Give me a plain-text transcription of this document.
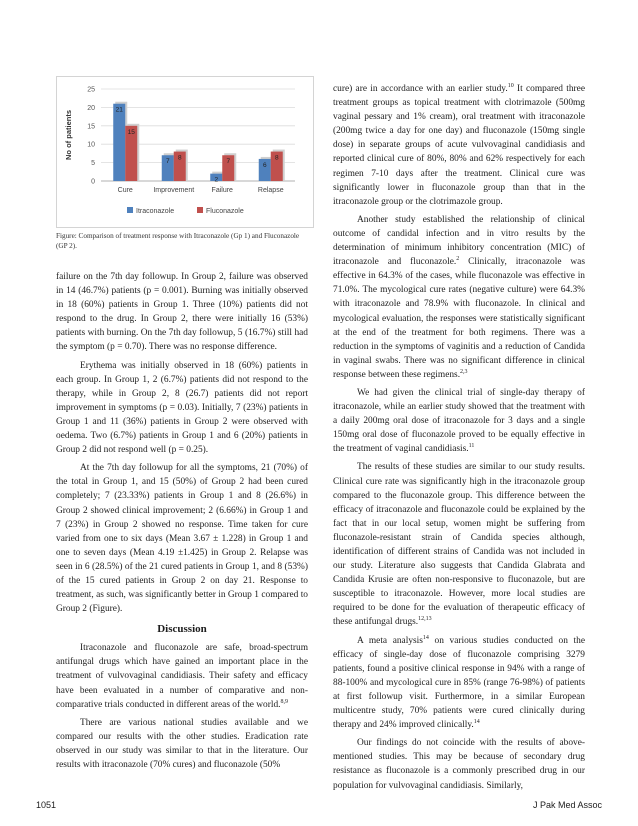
0
5
10
15
20
25
No of patients	21
15
Cure
7
8
Improvement
2
7
Failure
6
8
Relapse
Itraconazole	Fluconazole
Figure: Comparison of treatment response with Itraconazole (Gp 1) and Fluconazole (GP 2).

failure on the 7th day followup. In Group 2, failure was observed in 14 (46.7%) patients (p = 0.001). Burning was initially observed in 18 (60%) patients in Group 1. Three (10%) patients did not respond to the drug. In Group 2, there were initially 16 (53%) patients with burning. On the 7th day followup, 5 (16.7%) still had the symptom (p = 0.70). There was no response difference.

Erythema was initially observed in 18 (60%) patients in each group. In Group 1, 2 (6.7%) patients did not respond to the therapy, while in Group 2, 8 (26.7) patients did not report improvement in symptoms (p = 0.03). Initially, 7 (23%) patients in Group 1 and 11 (36%) patients in Group 2 were observed with oedema. Two (6.7%) patients in Group 1 and 6 (20%) patients in Group 2 did not respond well (p = 0.25).

At the 7th day followup for all the symptoms, 21 (70%) of the total in Group 1, and 15 (50%) of Group 2 had been cured completely; 7 (23.33%) patients in Group 1 and 8 (26.6%) in Group 2 showed clinical improvement; 2 (6.66%) in Group 1 and 7 (23%) in Group 2 showed no response. Time taken for cure varied from one to six days (Mean 3.67 ± 1.228) in Group 1 and one to seven days (Mean 4.19 ±1.425) in Group 2. Relapse was seen in 6 (28.5%) of the 21 cured patients in Group 1, and 8 (53%) of the 15 cured patients in Group 2 on day 21. Response to treatment, as such, was significantly better in Group 1 compared to Group 2 (Figure).

Discussion

Itraconazole and fluconazole are safe, broad-spectrum antifungal drugs which have gained an important place in the treatment of vulvovaginal candidiasis. Their safety and efficacy have been evaluated in a number of comparative and non-comparative trials conducted in different areas of the world.$^{8,9}$

There are various national studies available and we compared our results with the other studies. Eradication rate observed in our study was similar to that in the literature. Our results with itraconazole (70% cures) and fluconazole (50%

cure) are in accordance with an earlier study.$^{10}$ It compared three treatment groups as topical treatment with clotrimazole (500mg vaginal pessary and 1% cream), oral treatment with itraconazole (200mg twice a day for one day) and fluconazole (150mg single dose) in separate groups of acute vulvovaginal candidiasis and reported clinical cure of 80%, 80% and 62% respectively for each regimen 7-10 days after the treatment. Clinical cure was significantly lower in fluconazole group than that in the itraconazole group or the clotrimazole group.

Another study established the relationship of clinical outcome of candidal infection and in vitro results by the determination of minimum inhibitory concentration (MIC) of itraconazole and fluconazole.$^2$ Clinically, itraconazole was effective in 64.3% of the cases, while fluconazole was effective in 71.0%. The mycological cure rates (negative culture) were 64.3% with itraconazole and 78.9% with fluconazole. In clinical and mycological evaluation, the responses were statistically significant at the end of the treatment for both regimens. There was a reduction in the symptoms of vaginitis and a reduction of Candida in vaginal swabs. There was no significant difference in clinical response between these regimens.$^{2,3}$

We had given the clinical trial of single-day therapy of itraconazole, while an earlier study showed that the treatment with a daily 200mg oral dose of itraconazole for 3 days and a single 150mg oral dose of fluconazole proved to be equally effective in the treatment of vaginal candidiasis.$^{11}$

The results of these studies are similar to our study results. Clinical cure rate was significantly high in the itraconazole group compared to the fluconazole group. This difference between the efficacy of itraconazole and fluconazole could be explained by the fact that in our local setup, women might be suffering from fluconazole-resistant strain of Candida species although, identification of different strains of Candida was not included in our study. Literature also suggests that Candida Glabrata and Candida Krusie are often non-responsive to fluconazole, but are susceptible to itraconazole. However, more local studies are required to be done for the evaluation of therapeutic efficacy of these antifungal drugs.$^{12,13}$

A meta analysis$^{14}$ on various studies conducted on the efficacy of single-day dose of fluconazole comprising 3279 patients, found a positive clinical response in 94% with a range of 88-100% and mycological cure in 85% (range 76-98%) of patients at first followup visit. Furthermore, in a similar European multicentre study, 70% patients were cured clinically during therapy and 24% improved clinically.$^{14}$

Our findings do not coincide with the results of above-mentioned studies. This may be because of secondary drug resistance as fluconazole is a commonly prescribed drug in our population for vulvovaginal candidiasis. Similarly,

1051	J Pak Med Assoc
